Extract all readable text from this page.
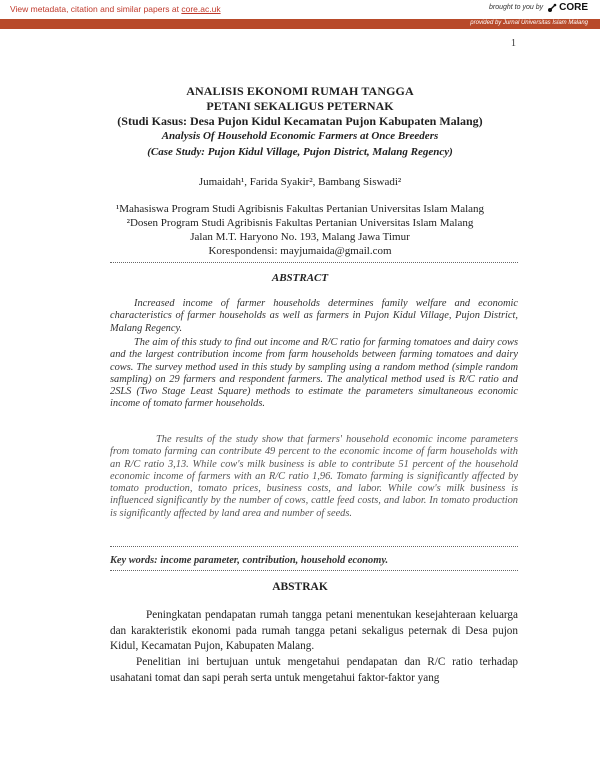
View metadata, citation and similar papers at core.ac.uk	brought to you by CORE
provided by Jurnal Universitas Islam Malang
1
ANALISIS EKONOMI RUMAH TANGGA
PETANI SEKALIGUS PETERNAK
(Studi Kasus: Desa Pujon Kidul Kecamatan Pujon Kabupaten Malang)
Analysis Of Household Economic Farmers at Once Breeders
(Case Study: Pujon Kidul Village, Pujon District, Malang Regency)
Jumaidah¹, Farida Syakir², Bambang Siswadi²
¹Mahasiswa Program Studi Agribisnis Fakultas Pertanian Universitas Islam Malang
²Dosen Program Studi Agribisnis Fakultas Pertanian Universitas Islam Malang
Jalan M.T. Haryono No. 193, Malang Jawa Timur
Korespondensi: mayjumaida@gmail.com
ABSTRACT

Increased income of farmer households determines family welfare and economic characteristics of farmer households as well as farmers in Pujon Kidul Village, Pujon District, Malang Regency.

The aim of this study to find out income and R/C ratio for farming tomatoes and dairy cows and the largest contribution income from farm households between farming tomatoes and dairy cows. The survey method used in this study by sampling using a random method (simple random sampling) on 29 farmers and respondent farmers. The analytical method used is R/C ratio and 2SLS (Two Stage Least Square) methods to estimate the parameters simultaneous economic income of tomato farmer households.

The results of the study show that farmers' household economic income parameters from tomato farming can contribute 49 percent to the economic income of farm households with an R/C ratio 3,13. While cow's milk business is able to contribute 51 percent of the household economic income of farmers with an R/C ratio 1,96. Tomato farming is significantly affected by tomato production, tomato prices, business costs, and labor. While cow's milk business is influenced significantly by the number of cows, cattle feed costs, and labor. In tomato production is significantly affected by land area and number of seeds.

Key words: income parameter, contribution, household economy.
ABSTRAK

Peningkatan pendapatan rumah tangga petani menentukan kesejahteraan keluarga dan karakteristik ekonomi pada rumah tangga petani sekaligus peternak di Desa pujon Kidul, Kecamatan Pujon, Kabupaten Malang.

Penelitian ini bertujuan untuk mengetahui pendapatan dan R/C ratio terhadap usahatani tomat dan sapi perah serta untuk mengetahui faktor-faktor yang
